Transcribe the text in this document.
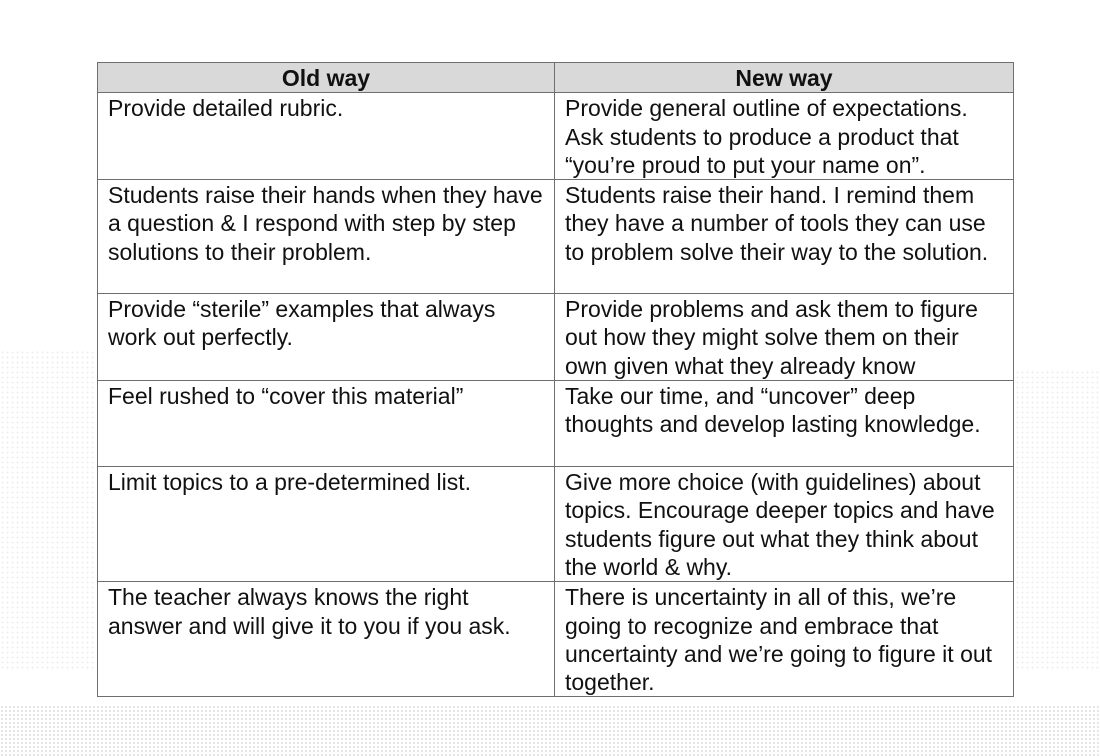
Old way	New way

Provide detailed rubric.	Provide general outline of expectations. Ask students to produce a product that “you’re proud to put your name on”.

Students raise their hands when they have a question & I respond with step by step solutions to their problem.	Students raise their hand. I remind them they have a number of tools they can use to problem solve their way to the solution.

Provide “sterile” examples that always work out perfectly.	Provide problems and ask them to figure out how they might solve them on their own given what they already know

Feel rushed to “cover this material”	Take our time, and “uncover” deep thoughts and develop lasting knowledge.

Limit topics to a pre-determined list.	Give more choice (with guidelines) about topics. Encourage deeper topics and have students figure out what they think about the world & why.

The teacher always knows the right answer and will give it to you if you ask.	There is uncertainty in all of this, we’re going to recognize and embrace that uncertainty and we’re going to figure it out together.
